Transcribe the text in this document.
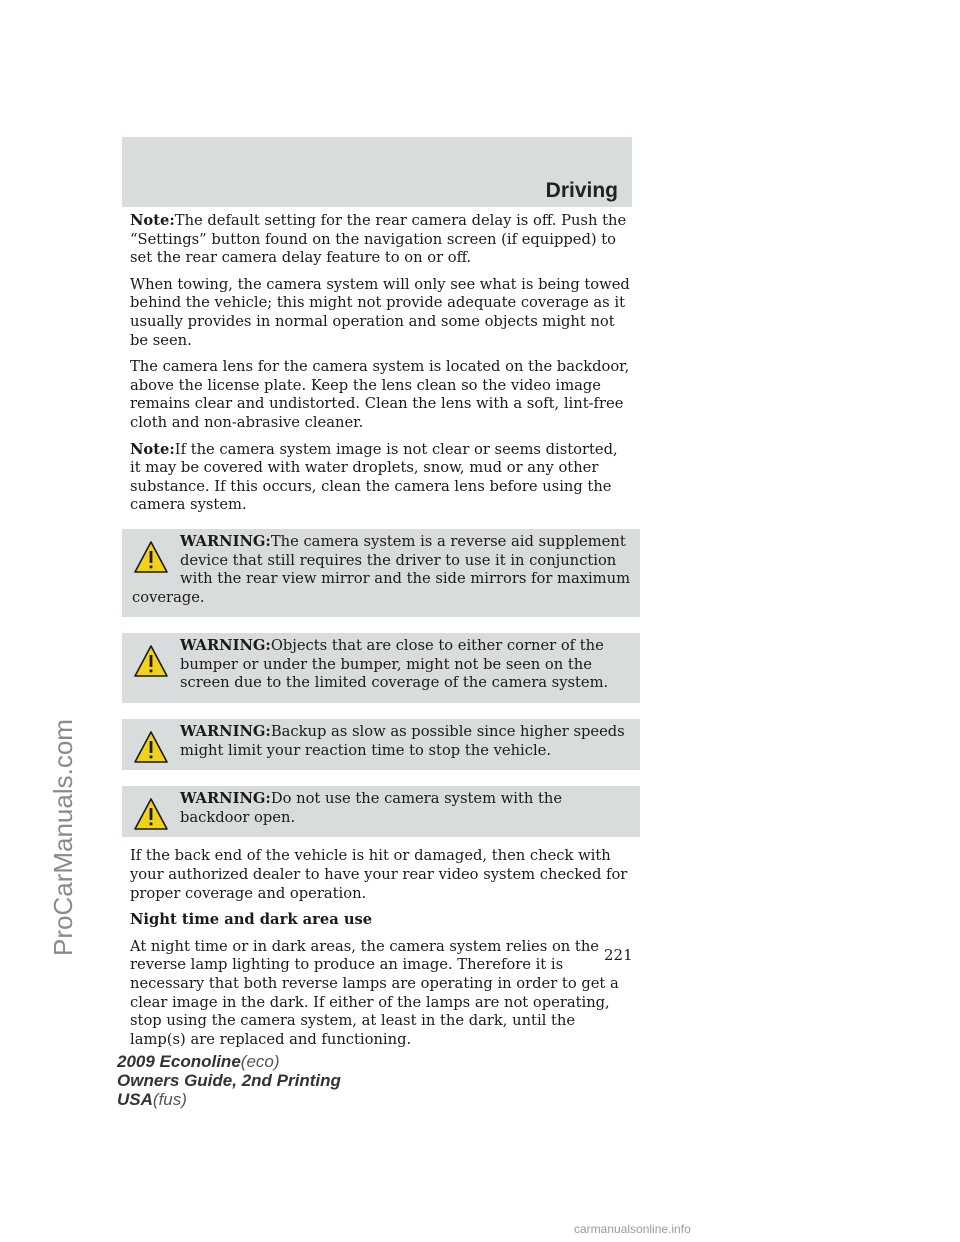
Driving

Note:The default setting for the rear camera delay is off. Push the “Settings” button found on the navigation screen (if equipped) to set the rear camera delay feature to on or off.

When towing, the camera system will only see what is being towed behind the vehicle; this might not provide adequate coverage as it usually provides in normal operation and some objects might not be seen.

The camera lens for the camera system is located on the backdoor, above the license plate. Keep the lens clean so the video image remains clear and undistorted. Clean the lens with a soft, lint-free cloth and non-abrasive cleaner.

Note:If the camera system image is not clear or seems distorted, it may be covered with water droplets, snow, mud or any other substance. If this occurs, clean the camera lens before using the camera system.

WARNING:The camera system is a reverse aid supplement device that still requires the driver to use it in conjunction with the rear view mirror and the side mirrors for maximum coverage.
WARNING:Objects that are close to either corner of the bumper or under the bumper, might not be seen on the screen due to the limited coverage of the camera system.
WARNING:Backup as slow as possible since higher speeds might limit your reaction time to stop the vehicle.
WARNING:Do not use the camera system with the backdoor open.

If the back end of the vehicle is hit or damaged, then check with your authorized dealer to have your rear video system checked for proper coverage and operation.

Night time and dark area use

At night time or in dark areas, the camera system relies on the reverse lamp lighting to produce an image. Therefore it is necessary that both reverse lamps are operating in order to get a clear image in the dark. If either of the lamps are not operating, stop using the camera system, at least in the dark, until the lamp(s) are replaced and functioning.

221
2009 Econoline(eco)
Owners Guide, 2nd Printing
USA(fus)
ProCarManuals.com
carmanualsonline.info
